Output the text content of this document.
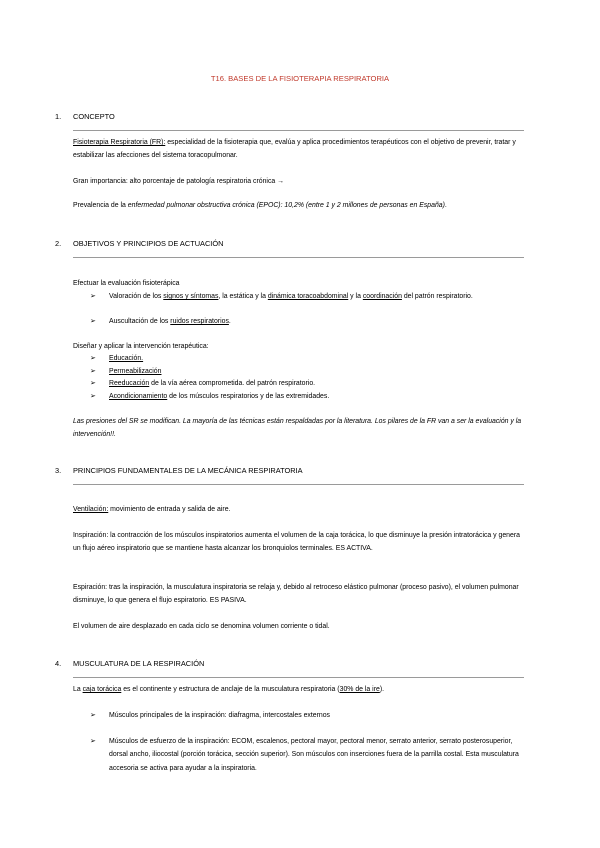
T16. BASES DE LA FISIOTERAPIA RESPIRATORIA
1. CONCEPTO
Fisioterapia Respiratoria (FR): especialidad de la fisioterapia que, evalúa y aplica procedimientos terapéuticos con el objetivo de prevenir, tratar y estabilizar las afecciones del sistema toracopulmonar.
Gran importancia: alto porcentaje de patología respiratoria crónica →
Prevalencia de la enfermedad pulmonar obstructiva crónica (EPOC): 10,2% (entre 1 y 2 millones de personas en España).
2. OBJETIVOS Y PRINCIPIOS DE ACTUACIÓN
Efectuar la evaluación fisioterápica
➢	Valoración de los signos y síntomas, la estática y la dinámica toracoabdominal y la coordinación del patrón respiratorio.
➢	Auscultación de los ruidos respiratorios.
Diseñar y aplicar la intervención terapéutica:
➢	Educación.
➢	Permeabilización
➢	Reeducación de la vía aérea comprometida. del patrón respiratorio.
➢	Acondicionamiento de los músculos respiratorios y de las extremidades.
Las presiones del SR se modifican. La mayoría de las técnicas están respaldadas por la literatura. Los pilares de la FR van a ser la evaluación y la intervención!!.
3. PRINCIPIOS FUNDAMENTALES DE LA MECÁNICA RESPIRATORIA
Ventilación: movimiento de entrada y salida de aire.
Inspiración: la contracción de los músculos inspiratorios aumenta el volumen de la caja torácica, lo que disminuye la presión intratorácica y genera un flujo aéreo inspiratorio que se mantiene hasta alcanzar los bronquiolos terminales. ES ACTIVA.
Espiración: tras la inspiración, la musculatura inspiratoria se relaja y, debido al retroceso elástico pulmonar (proceso pasivo), el volumen pulmonar disminuye, lo que genera el flujo espiratorio. ES PASIVA.
El volumen de aire desplazado en cada ciclo se denomina volumen corriente o tidal.
4. MUSCULATURA DE LA RESPIRACIÓN
La caja torácica es el continente y estructura de anclaje de la musculatura respiratoria (30% de la ire).
➢	Músculos principales de la inspiración: diafragma, intercostales externos
➢	Músculos de esfuerzo de la inspiración: ECOM, escalenos, pectoral mayor, pectoral menor, serrato anterior, serrato posterosuperior, dorsal ancho, iliocostal (porción torácica, sección superior). Son músculos con inserciones fuera de la parrilla costal. Esta musculatura accesoria se activa para ayudar a la inspiratoria.
